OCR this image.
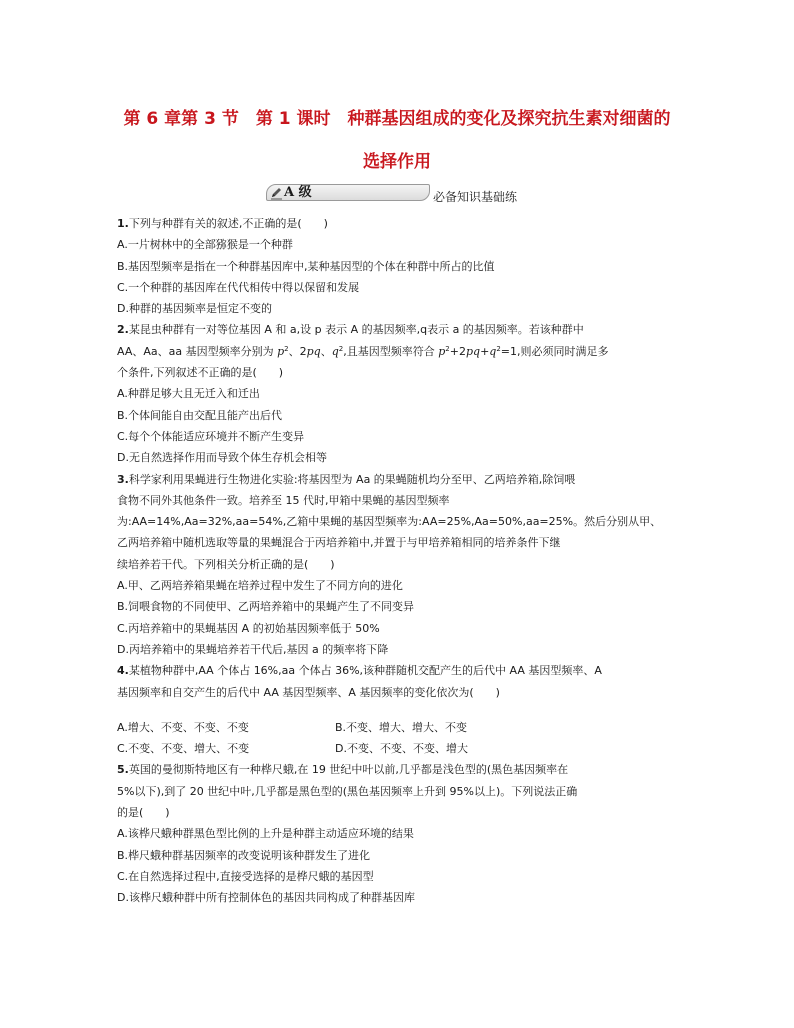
第 6 章第 3 节　第 1 课时　种群基因组成的变化及探究抗生素对细菌的
选择作用
A 级	必备知识基础练
1.下列与种群有关的叙述,不正确的是(　　)
A.一片树林中的全部猕猴是一个种群
B.基因型频率是指在一个种群基因库中,某种基因型的个体在种群中所占的比值
C.一个种群的基因库在代代相传中得以保留和发展
D.种群的基因频率是恒定不变的
2.某昆虫种群有一对等位基因 A 和 a,设 p 表示 A 的基因频率,q表示 a 的基因频率。若该种群中
AA、Aa、aa 基因型频率分别为 $p^2$、2pq、$q^2$,且基因型频率符合 $p^2+2pq+q^2=1$,则必须同时满足多
个条件,下列叙述不正确的是(　　)
A.种群足够大且无迁入和迁出
B.个体间能自由交配且能产出后代
C.每个个体能适应环境并不断产生变异
D.无自然选择作用而导致个体生存机会相等
3.科学家利用果蝇进行生物进化实验:将基因型为 Aa 的果蝇随机均分至甲、乙两培养箱,除饲喂
食物不同外其他条件一致。培养至 15 代时,甲箱中果蝇的基因型频率
为:AA=14%,Aa=32%,aa=54%,乙箱中果蝇的基因型频率为:AA=25%,Aa=50%,aa=25%。然后分别从甲、
乙两培养箱中随机选取等量的果蝇混合于丙培养箱中,并置于与甲培养箱相同的培养条件下继
续培养若干代。下列相关分析正确的是(　　)
A.甲、乙两培养箱果蝇在培养过程中发生了不同方向的进化
B.饲喂食物的不同使甲、乙两培养箱中的果蝇产生了不同变异
C.丙培养箱中的果蝇基因 A 的初始基因频率低于 50%
D.丙培养箱中的果蝇培养若干代后,基因 a 的频率将下降
4.某植物种群中,AA 个体占 16%,aa 个体占 36%,该种群随机交配产生的后代中 AA 基因型频率、A
基因频率和自交产生的后代中 AA 基因型频率、A 基因频率的变化依次为(　　)
A.增大、不变、不变、不变	B.不变、增大、增大、不变
C.不变、不变、增大、不变	D.不变、不变、不变、增大
5.英国的曼彻斯特地区有一种桦尺蛾,在 19 世纪中叶以前,几乎都是浅色型的(黑色基因频率在
5%以下),到了 20 世纪中叶,几乎都是黑色型的(黑色基因频率上升到 95%以上)。下列说法正确
的是(　　)
A.该桦尺蛾种群黑色型比例的上升是种群主动适应环境的结果
B.桦尺蛾种群基因频率的改变说明该种群发生了进化
C.在自然选择过程中,直接受选择的是桦尺蛾的基因型
D.该桦尺蛾种群中所有控制体色的基因共同构成了种群基因库
